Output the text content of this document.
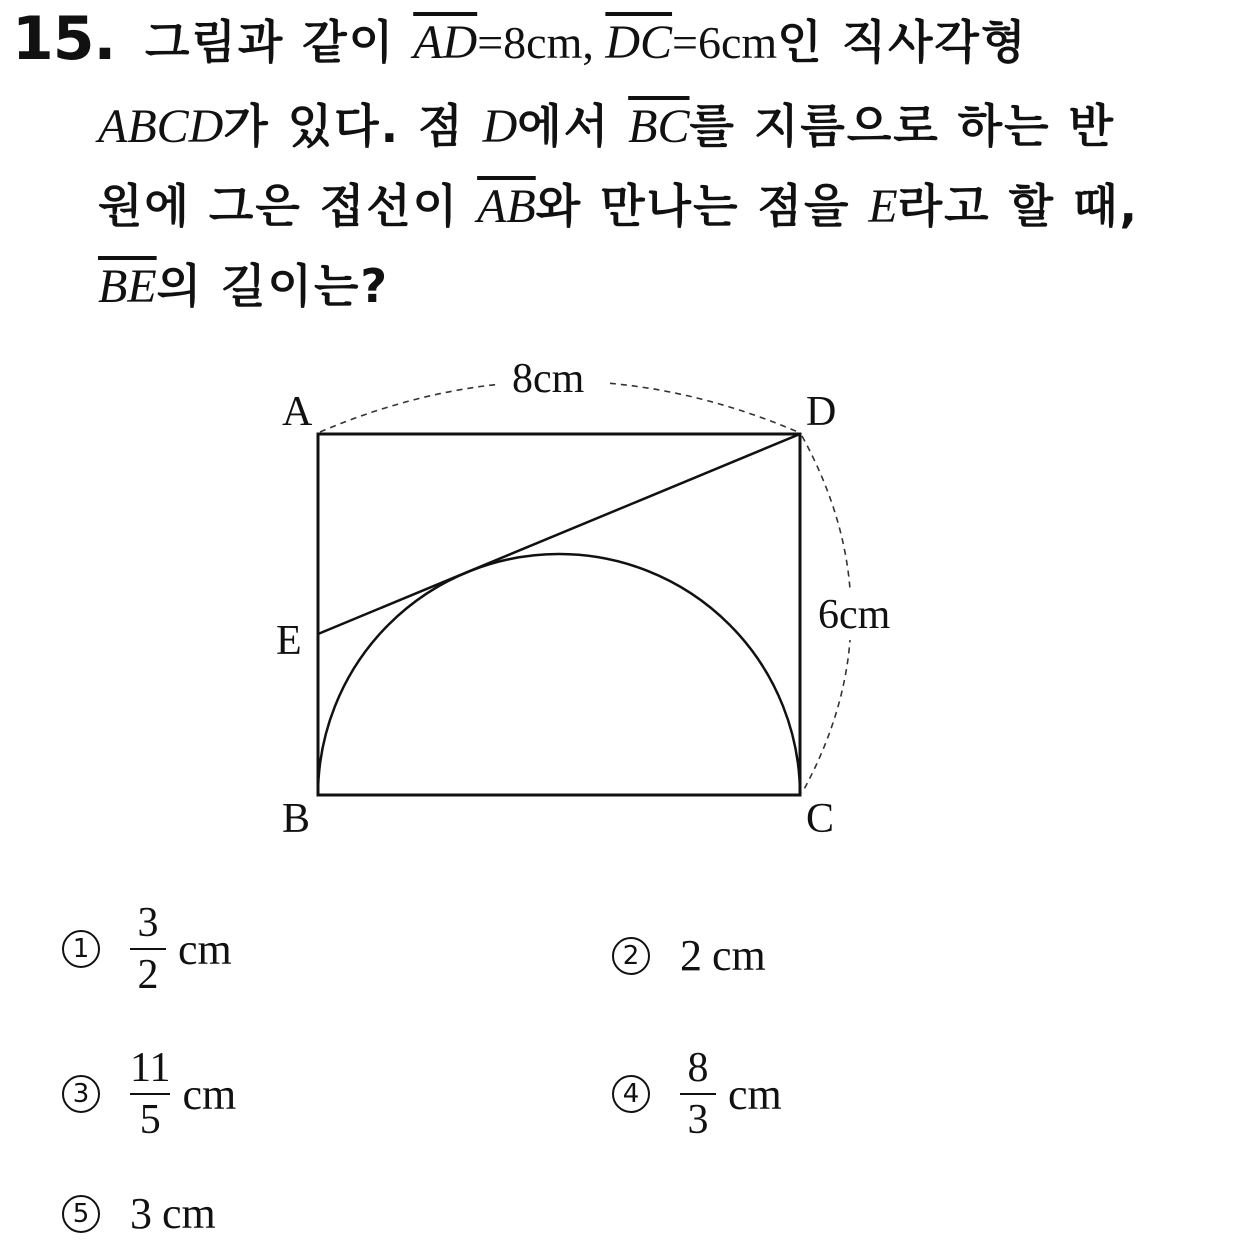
15. 그림과 같이 $\overline{AD}=8cm$, $\overline{DC}=6cm$인 직사각형
ABCD가 있다. 점 D에서 $\overline{BC}$를 지름으로 하는 반
원에 그은 접선이 $\overline{AB}$와 만나는 점을 E라고 할 때,
$\overline{BE}$의 길이는?
A	D
E
B	C
8cm
6cm
$1 \frac{3}{2}$ cm	2 2 cm
$3 \frac{11}{5}$ cm	$4 \frac{8}{3}$ cm
5 3 cm
